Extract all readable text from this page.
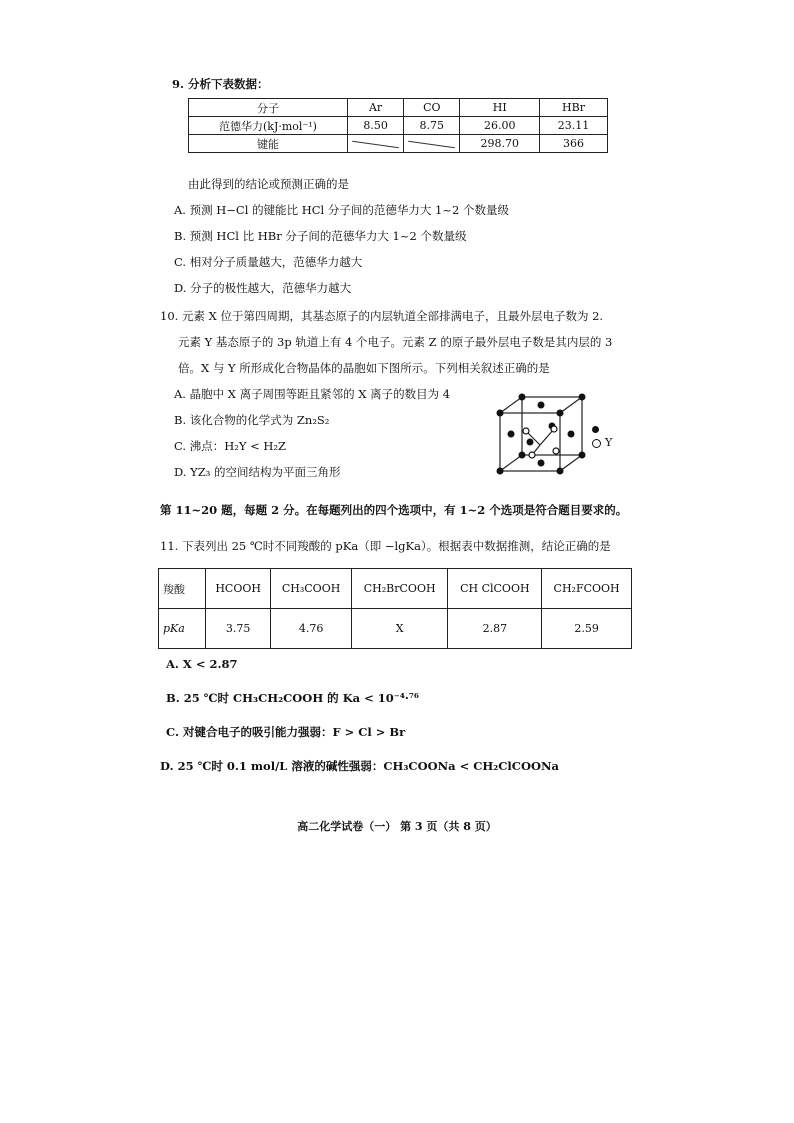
9. 分析下表数据：
分子	Ar	CO	HI	HBr
范德华力(kJ·mol⁻¹)	8.50	8.75	26.00	23.11
键能			298.70	366
由此得到的结论或预测正确的是
A. 预测 H−Cl 的键能比 HCl 分子间的范德华力大 1~2 个数量级
B. 预测 HCl 比 HBr 分子间的范德华力大 1~2 个数量级
C. 相对分子质量越大，范德华力越大
D. 分子的极性越大，范德华力越大
10. 元素 X 位于第四周期，其基态原子的内层轨道全部排满电子，且最外层电子数为 2.
元素 Y 基态原子的 3p 轨道上有 4 个电子。元素 Z 的原子最外层电子数是其内层的 3
倍。X 与 Y 所形成化合物晶体的晶胞如下图所示。下列相关叙述正确的是
A. 晶胞中 X 离子周围等距且紧邻的 X 离子的数目为 4
B. 该化合物的化学式为 Zn₂S₂
C. 沸点：H₂Y < H₂Z
D. YZ₃ 的空间结构为平面三角形
Y
第 11~20 题，每题 2 分。在每题列出的四个选项中，有 1~2 个选项是符合题目要求的。
11. 下表列出 25 ℃时不同羧酸的 pKa（即 −lgKa）。根据表中数据推测，结论正确的是
羧酸	HCOOH	CH₃COOH	CH₂BrCOOH	CH ClCOOH	CH₂FCOOH
pKa	3.75	4.76	X	2.87	2.59
A. X < 2.87
B. 25 ℃时 CH₃CH₂COOH 的 Ka < 10⁻⁴·⁷⁶
C. 对键合电子的吸引能力强弱：F > Cl > Br
D. 25 ℃时 0.1 mol/L 溶液的碱性强弱：CH₃COONa < CH₂ClCOONa
高二化学试卷（一） 第 3 页（共 8 页）
